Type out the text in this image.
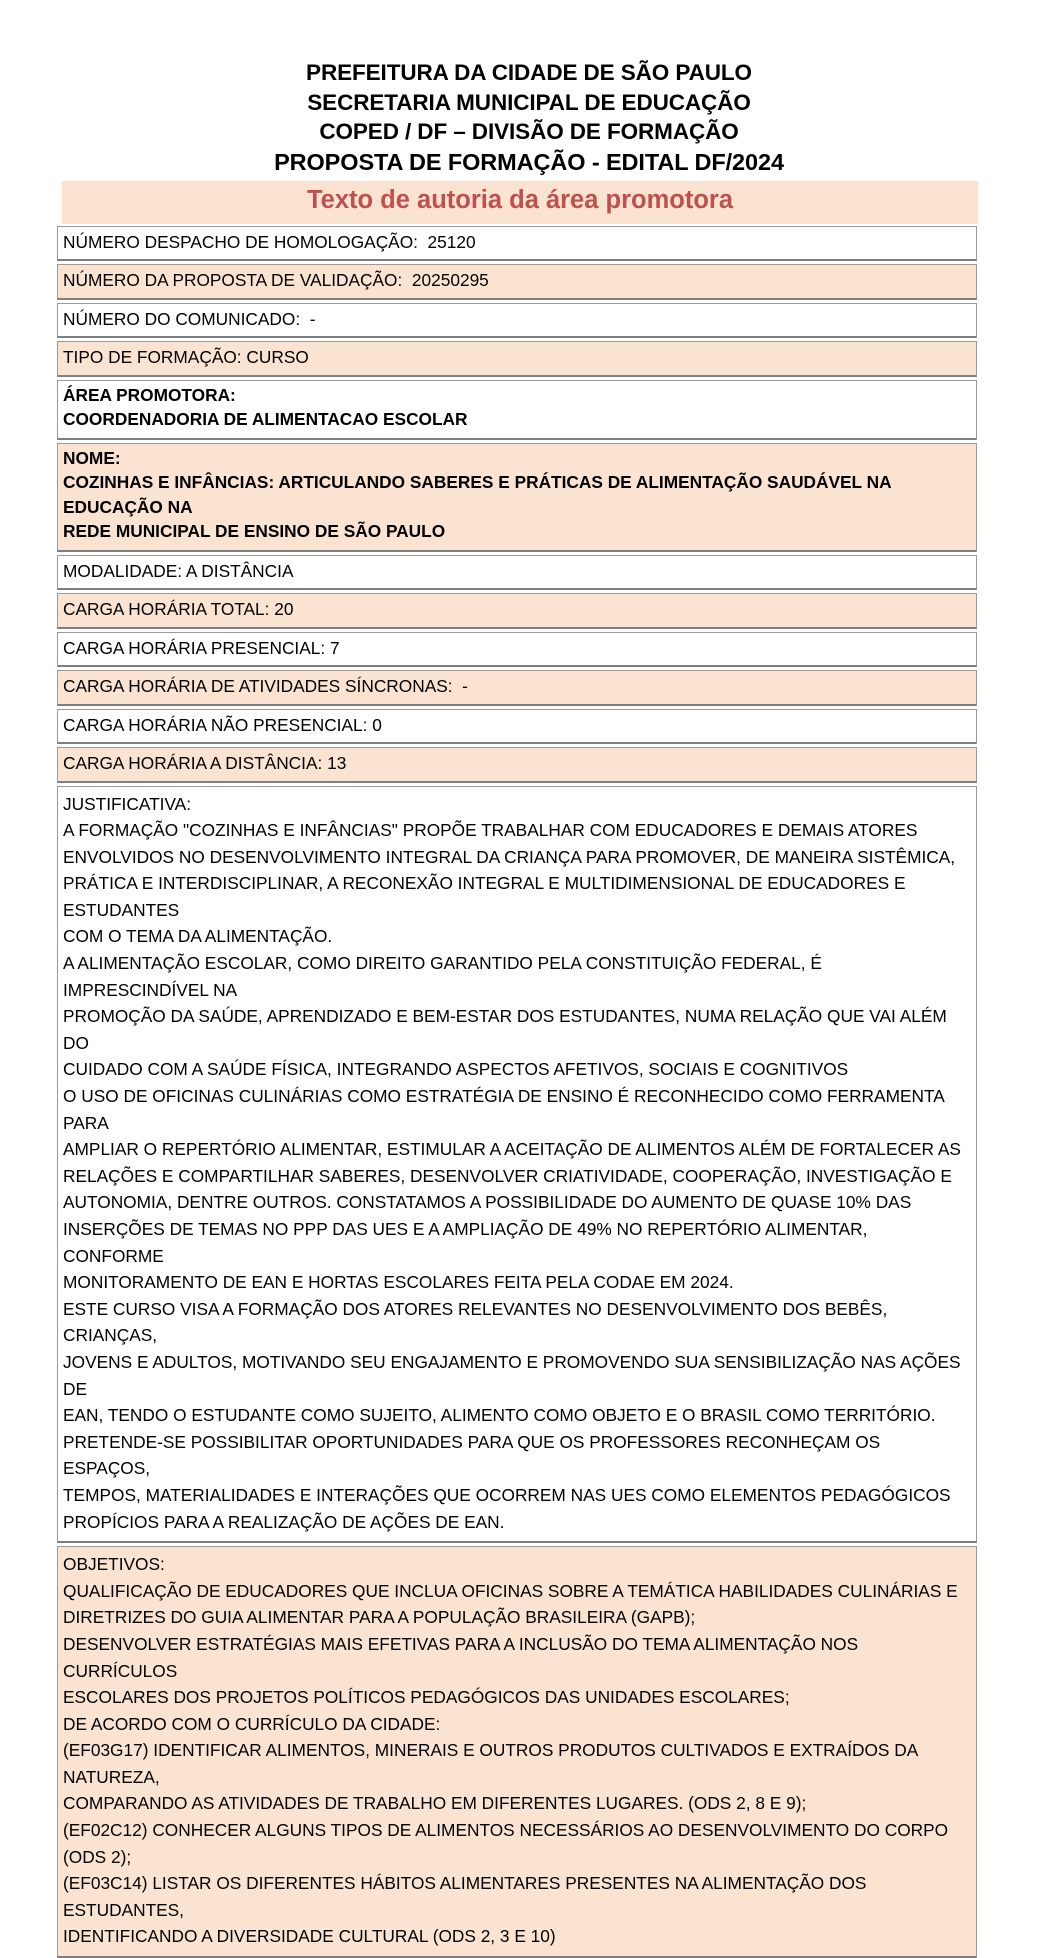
PREFEITURA DA CIDADE DE SÃO PAULO
SECRETARIA MUNICIPAL DE EDUCAÇÃO
COPED / DF – DIVISÃO DE FORMAÇÃO
PROPOSTA DE FORMAÇÃO - EDITAL DF/2024
Texto de autoria da área promotora
NÚMERO DESPACHO DE HOMOLOGAÇÃO:  25120
NÚMERO DA PROPOSTA DE VALIDAÇÃO:  20250295
NÚMERO DO COMUNICADO:  -
TIPO DE FORMAÇÃO: CURSO
ÁREA PROMOTORA:
COORDENADORIA DE ALIMENTACAO ESCOLAR
NOME:
COZINHAS E INFÂNCIAS: ARTICULANDO SABERES E PRÁTICAS DE ALIMENTAÇÃO SAUDÁVEL NA EDUCAÇÃO NA
REDE MUNICIPAL DE ENSINO DE SÃO PAULO
MODALIDADE: A DISTÂNCIA
CARGA HORÁRIA TOTAL: 20
CARGA HORÁRIA PRESENCIAL: 7
CARGA HORÁRIA DE ATIVIDADES SÍNCRONAS:  -
CARGA HORÁRIA NÃO PRESENCIAL: 0
CARGA HORÁRIA A DISTÂNCIA: 13
JUSTIFICATIVA:
A FORMAÇÃO "COZINHAS E INFÂNCIAS" PROPÕE TRABALHAR COM EDUCADORES E DEMAIS ATORES
ENVOLVIDOS NO DESENVOLVIMENTO INTEGRAL DA CRIANÇA PARA PROMOVER, DE MANEIRA SISTÊMICA,
PRÁTICA E INTERDISCIPLINAR, A RECONEXÃO INTEGRAL E MULTIDIMENSIONAL DE EDUCADORES E ESTUDANTES
COM O TEMA DA ALIMENTAÇÃO.
A ALIMENTAÇÃO ESCOLAR, COMO DIREITO GARANTIDO PELA CONSTITUIÇÃO FEDERAL, É IMPRESCINDÍVEL NA
PROMOÇÃO DA SAÚDE, APRENDIZADO E BEM-ESTAR DOS ESTUDANTES, NUMA RELAÇÃO QUE VAI ALÉM DO
CUIDADO COM A SAÚDE FÍSICA, INTEGRANDO ASPECTOS AFETIVOS, SOCIAIS E COGNITIVOS
O USO DE OFICINAS CULINÁRIAS COMO ESTRATÉGIA DE ENSINO É RECONHECIDO COMO FERRAMENTA PARA
AMPLIAR O REPERTÓRIO ALIMENTAR, ESTIMULAR A ACEITAÇÃO DE ALIMENTOS ALÉM DE FORTALECER AS
RELAÇÕES E COMPARTILHAR SABERES, DESENVOLVER CRIATIVIDADE, COOPERAÇÃO, INVESTIGAÇÃO E
AUTONOMIA, DENTRE OUTROS. CONSTATAMOS A POSSIBILIDADE DO AUMENTO DE QUASE 10% DAS
INSERÇÕES DE TEMAS NO PPP DAS UES E A AMPLIAÇÃO DE 49% NO REPERTÓRIO ALIMENTAR, CONFORME
MONITORAMENTO DE EAN E HORTAS ESCOLARES FEITA PELA CODAE EM 2024.
ESTE CURSO VISA A FORMAÇÃO DOS ATORES RELEVANTES NO DESENVOLVIMENTO DOS BEBÊS, CRIANÇAS,
JOVENS E ADULTOS, MOTIVANDO SEU ENGAJAMENTO E PROMOVENDO SUA SENSIBILIZAÇÃO NAS AÇÕES DE
EAN, TENDO O ESTUDANTE COMO SUJEITO, ALIMENTO COMO OBJETO E O BRASIL COMO TERRITÓRIO.
PRETENDE-SE POSSIBILITAR OPORTUNIDADES PARA QUE OS PROFESSORES RECONHEÇAM OS ESPAÇOS,
TEMPOS, MATERIALIDADES E INTERAÇÕES QUE OCORREM NAS UES COMO ELEMENTOS PEDAGÓGICOS
PROPÍCIOS PARA A REALIZAÇÃO DE AÇÕES DE EAN.
OBJETIVOS:
QUALIFICAÇÃO DE EDUCADORES QUE INCLUA OFICINAS SOBRE A TEMÁTICA HABILIDADES CULINÁRIAS E
DIRETRIZES DO GUIA ALIMENTAR PARA A POPULAÇÃO BRASILEIRA (GAPB);
DESENVOLVER ESTRATÉGIAS MAIS EFETIVAS PARA A INCLUSÃO DO TEMA ALIMENTAÇÃO NOS CURRÍCULOS
ESCOLARES DOS PROJETOS POLÍTICOS PEDAGÓGICOS DAS UNIDADES ESCOLARES;
DE ACORDO COM O CURRÍCULO DA CIDADE:
(EF03G17) IDENTIFICAR ALIMENTOS, MINERAIS E OUTROS PRODUTOS CULTIVADOS E EXTRAÍDOS DA NATUREZA,
COMPARANDO AS ATIVIDADES DE TRABALHO EM DIFERENTES LUGARES. (ODS 2, 8 E 9);
(EF02C12) CONHECER ALGUNS TIPOS DE ALIMENTOS NECESSÁRIOS AO DESENVOLVIMENTO DO CORPO (ODS 2);
(EF03C14) LISTAR OS DIFERENTES HÁBITOS ALIMENTARES PRESENTES NA ALIMENTAÇÃO DOS ESTUDANTES,
IDENTIFICANDO A DIVERSIDADE CULTURAL (ODS 2, 3 E 10)
